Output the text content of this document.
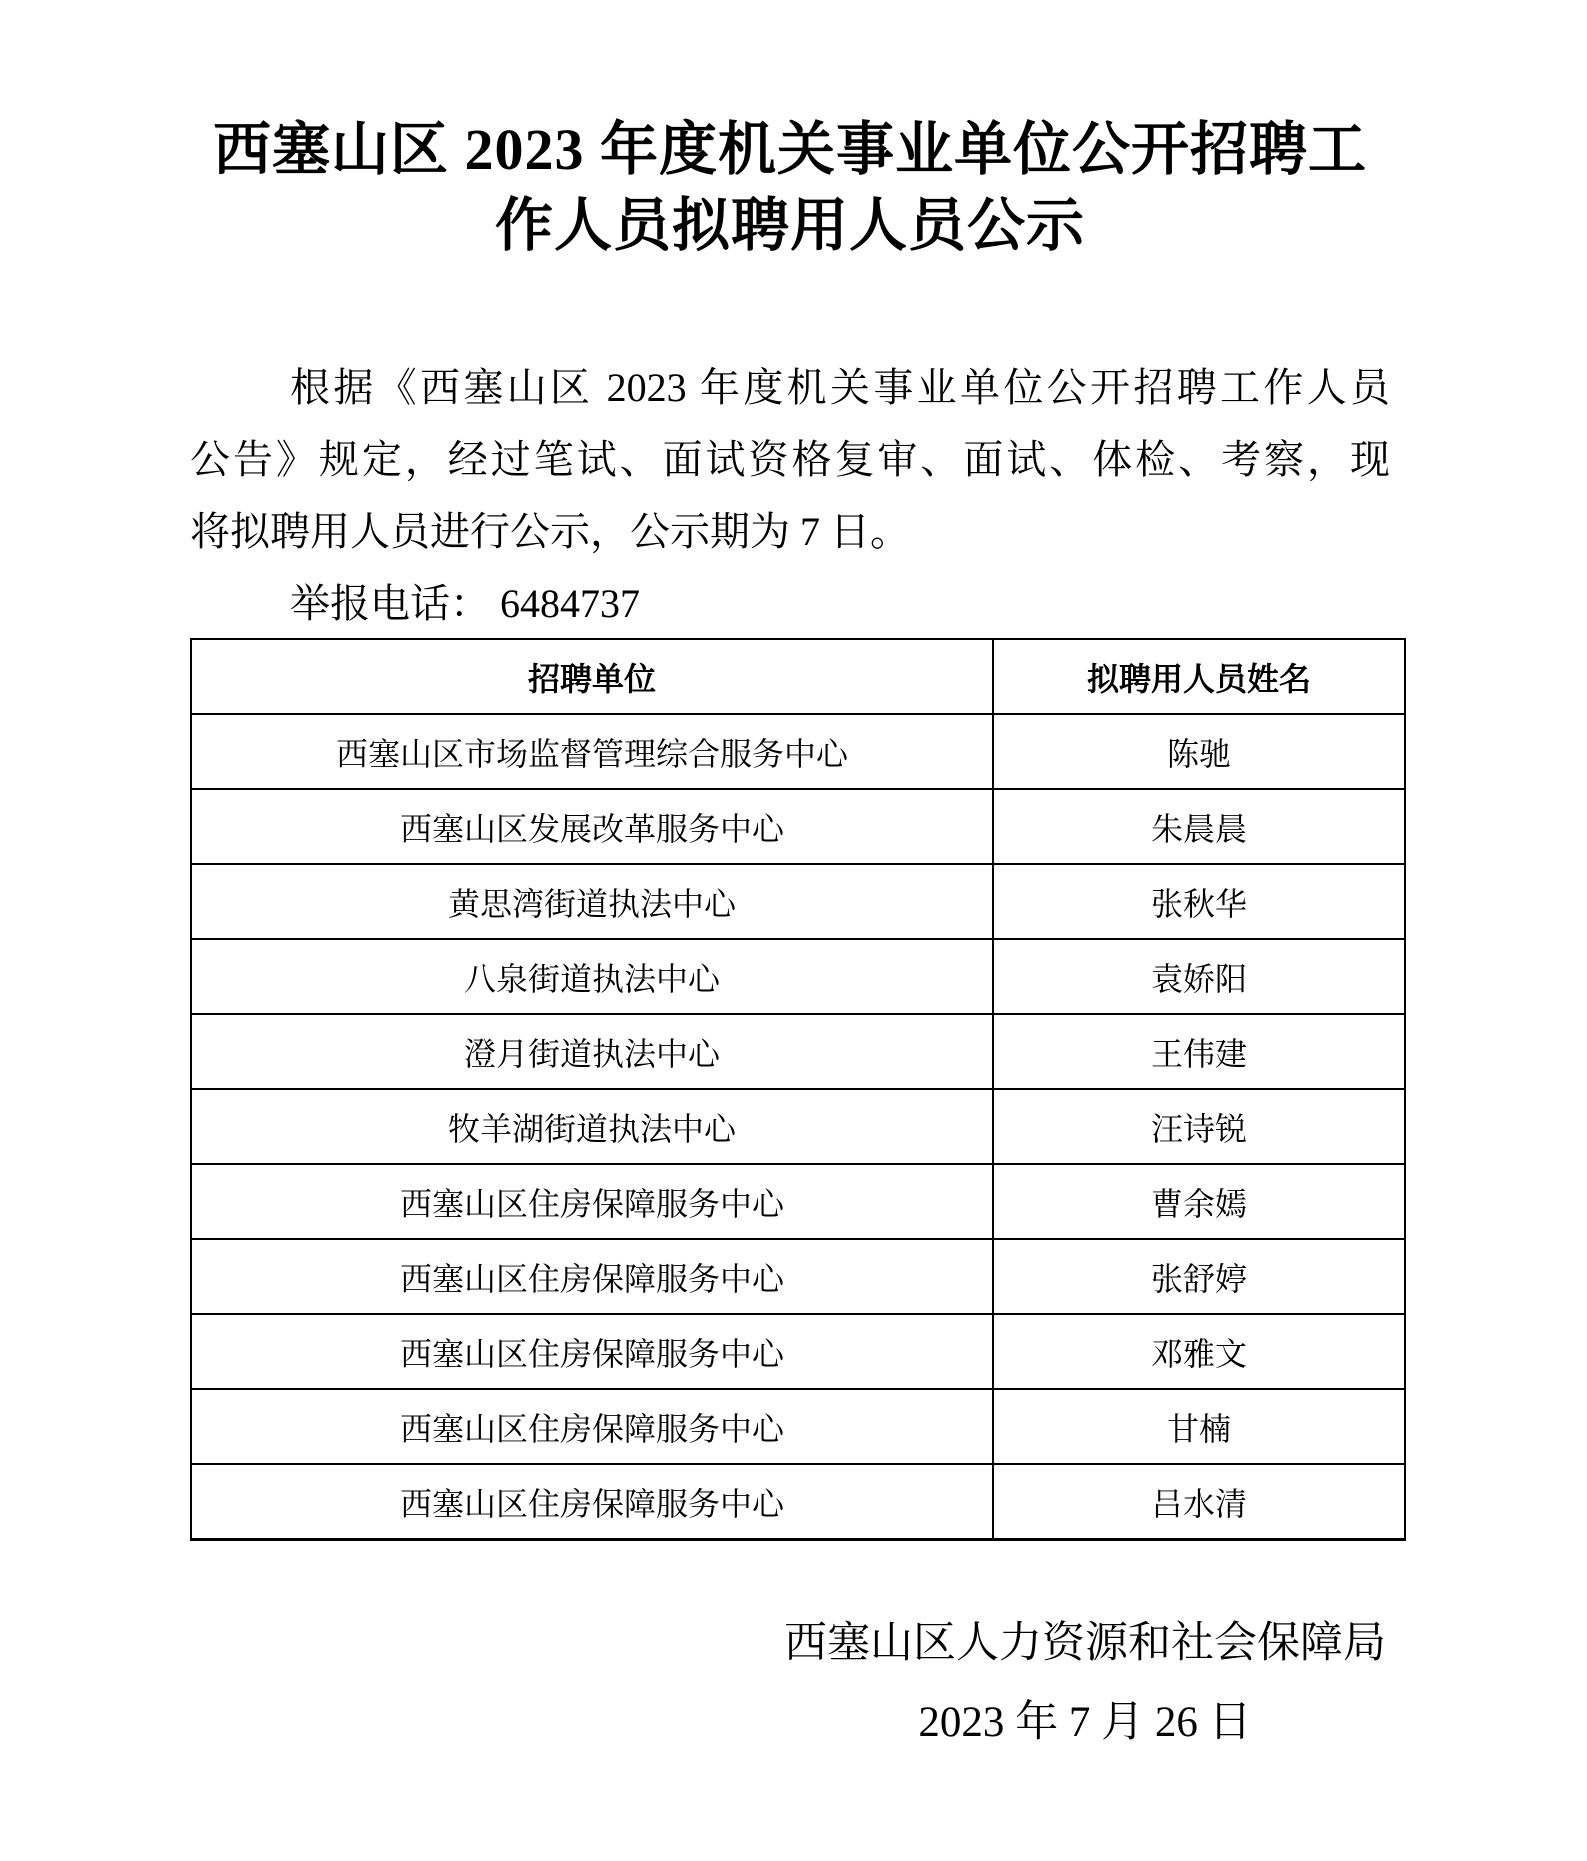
西塞山区 2023 年度机关事业单位公开招聘工
作人员拟聘用人员公示
根据《西塞山区 2023 年度机关事业单位公开招聘工作人员
公告》规定，经过笔试、面试资格复审、面试、体检、考察，现
将拟聘用人员进行公示，公示期为 7 日。
举报电话： 6484737
招聘单位	拟聘用人员姓名
西塞山区市场监督管理综合服务中心	陈驰
西塞山区发展改革服务中心	朱晨晨
黄思湾街道执法中心	张秋华
八泉街道执法中心	袁娇阳
澄月街道执法中心	王伟建
牧羊湖街道执法中心	汪诗锐
西塞山区住房保障服务中心	曹余嫣
西塞山区住房保障服务中心	张舒婷
西塞山区住房保障服务中心	邓雅文
西塞山区住房保障服务中心	甘楠
西塞山区住房保障服务中心	吕水清
西塞山区人力资源和社会保障局
2023 年 7 月 26 日
